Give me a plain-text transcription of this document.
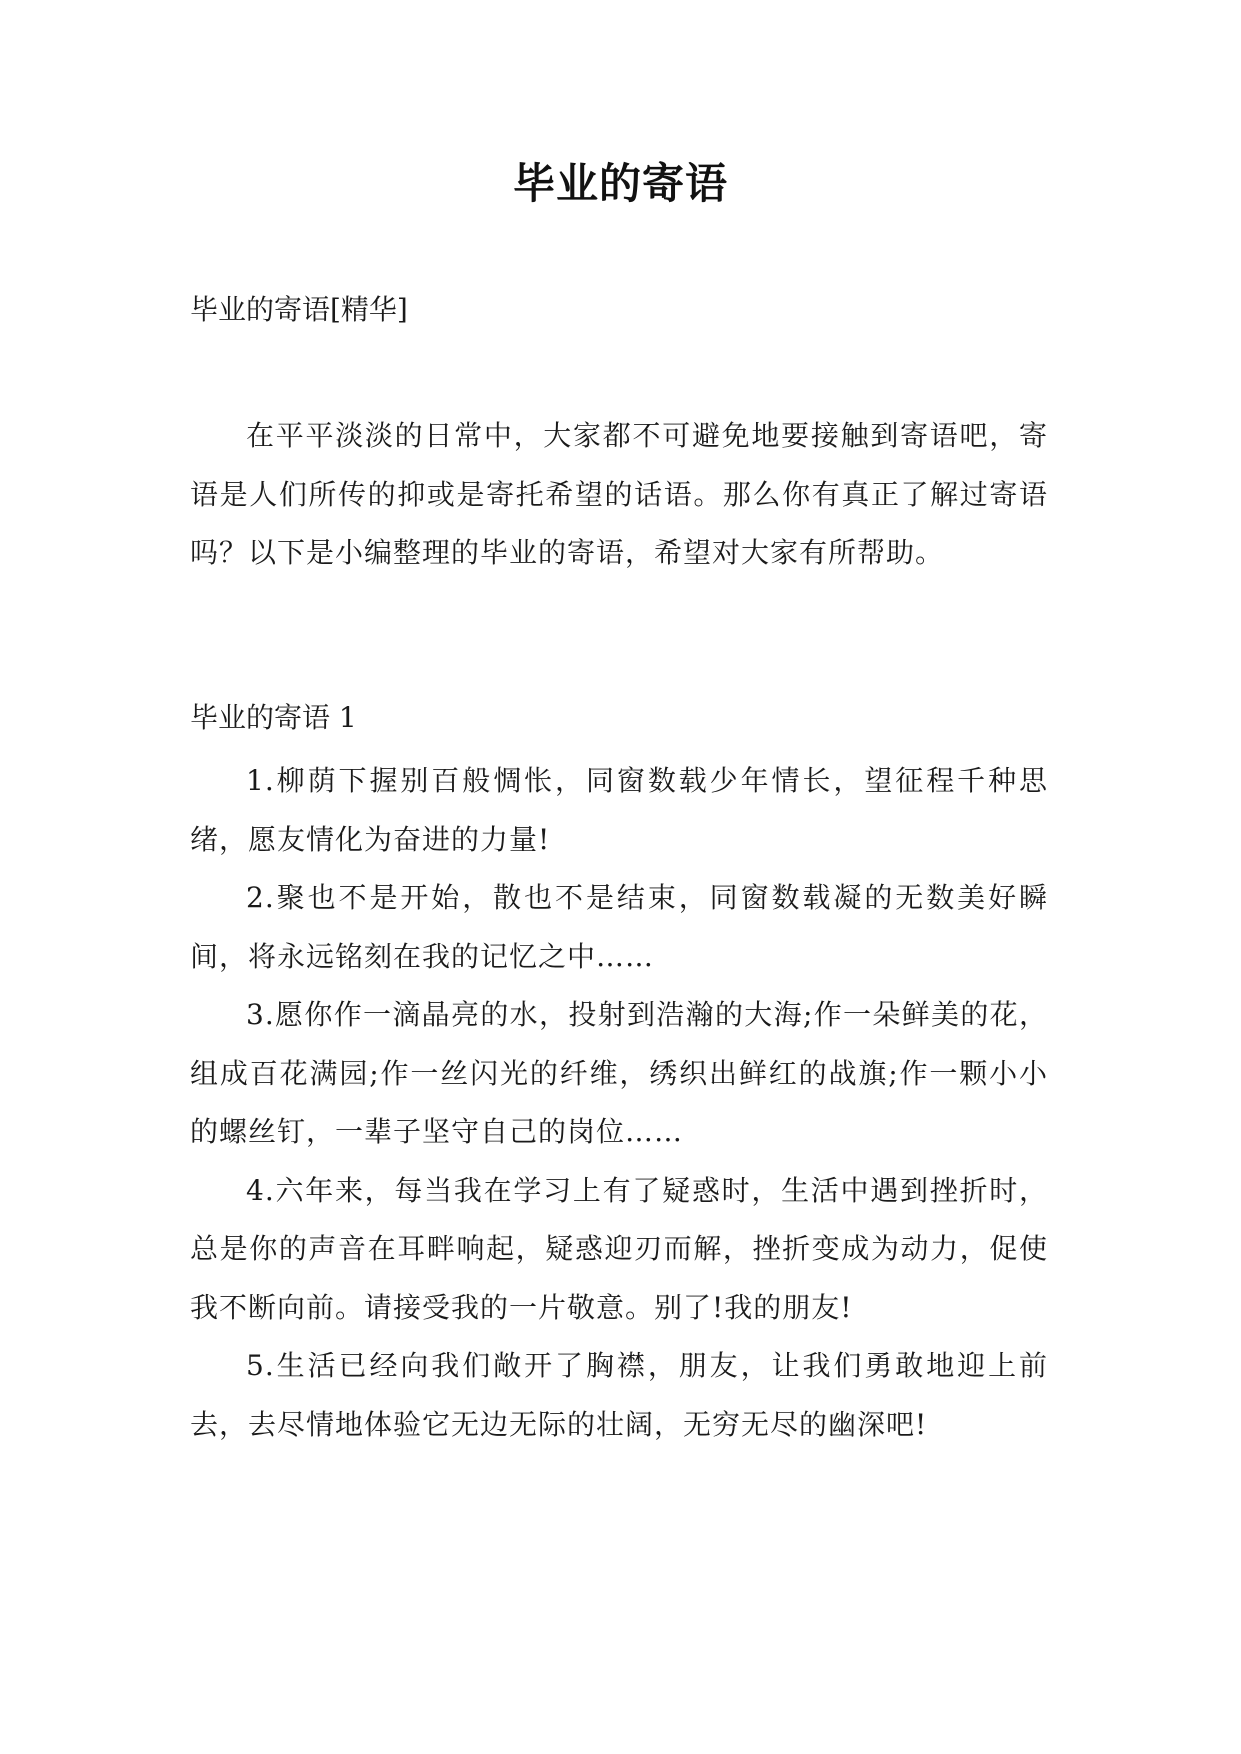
毕业的寄语

毕业的寄语[精华]

在平平淡淡的日常中，大家都不可避免地要接触到寄语吧，寄语是人们所传的抑或是寄托希望的话语。那么你有真正了解过寄语吗？以下是小编整理的毕业的寄语，希望对大家有所帮助。

毕业的寄语 1

1.柳荫下握别百般惆怅，同窗数载少年情长，望征程千种思绪，愿友情化为奋进的力量!
2.聚也不是开始，散也不是结束，同窗数载凝的无数美好瞬间，将永远铭刻在我的记忆之中……
3.愿你作一滴晶亮的水，投射到浩瀚的大海;作一朵鲜美的花，组成百花满园;作一丝闪光的纤维，绣织出鲜红的战旗;作一颗小小的螺丝钉，一辈子坚守自己的岗位……
4.六年来，每当我在学习上有了疑惑时，生活中遇到挫折时，总是你的声音在耳畔响起，疑惑迎刃而解，挫折变成为动力，促使我不断向前。请接受我的一片敬意。别了!我的朋友!
5.生活已经向我们敞开了胸襟，朋友，让我们勇敢地迎上前去，去尽情地体验它无边无际的壮阔，无穷无尽的幽深吧!
